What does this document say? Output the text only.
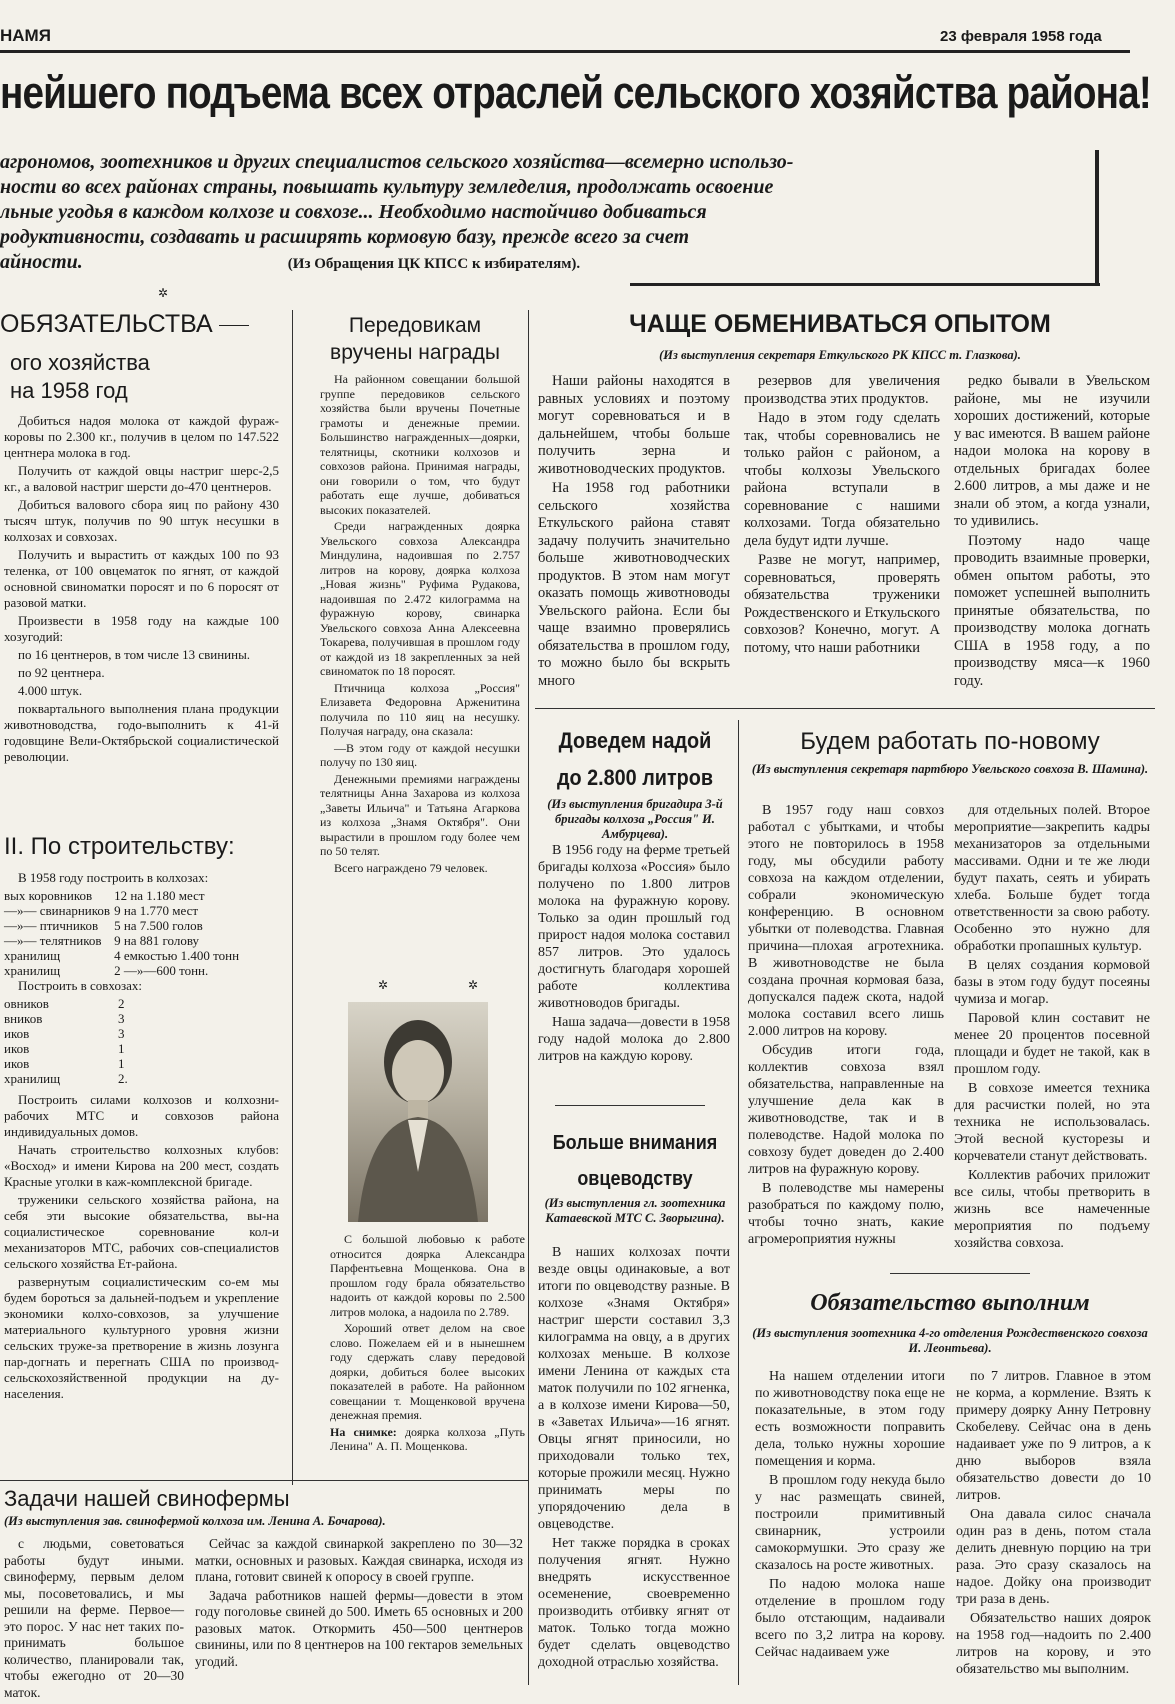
НАМЯ	23 февраля 1958 года
нейшего подъема всех отраслей сельского хозяйства района!

агрономов, зоотехников и других специалистов сельского хозяйства—всемерно использо-

ности во всех районах страны, повышать культуру земледелия, продолжать освоение

льные угодья в каждом колхозе и совхозе... Необходимо настойчиво добиваться

родуктивности, создавать и расширять кормовую базу, прежде всего за счет

айности.	(Из Обращения ЦК КПСС к избирателям).

✲
ОБЯЗАТЕЛЬСТВА
ого хозяйства
на 1958 год

Добиться надоя молока от каждой фураж-коровы по 2.300 кг., получив в целом по 147.522 центнера молока в год.

Получить от каждой овцы настриг шерс-2,5 кг., а валовой настриг шерсти до-470 центнеров.

Добиться валового сбора яиц по району 430 тысяч штук, получив по 90 штук несушки в колхозах и совхозах.

Получить и вырастить от каждых 100 по 93 теленка, от 100 овцематок по ягнят, от каждой основной свиноматки поросят и по 6 поросят от разовой матки.

Произвести в 1958 году на каждые 100 хозугодий:

по 16 центнеров, в том числе 13 свинины.

по 92 центнера.

4.000 штук.

поквартального выполнения плана продукции животноводства, годо-выполнить к 41-й годовщине Вели-Октябрьской социалистической революции.

II. По строительству:

В 1958 году построить в колхозах:

вых коровников	12 на 1.180 мест
—»— свинарников	9 на 1.770 мест
—»— птичников	5 на 7.500 голов
—»— телятников	9 на 881 голову
хранилищ	4 емкостью 1.400 тонн
хранилищ	2 —»—600 тонн.

Построить в совхозах:

овников	2
вников	3
иков	3
иков	1
иков	1
хранилищ	2.

Построить силами колхозов и колхозни-рабочих МТС и совхозов района индивидуальных домов.

Начать строительство колхозных клубов: «Восход» и имени Кирова на 200 мест, создать Красные уголки в каж-комплексной бригаде.

труженики сельского хозяйства района, на себя эти высокие обязательства, вы-на социалистическое соревнование кол-и механизаторов МТС, рабочих сов-специалистов сельского хозяйства Ет-района.

развернутым социалистическим со-ем мы будем бороться за дальней-подъем и укрепление экономики колхо-совхозов, за улучшение материального культурного уровня жизни сельских труже-за претворение в жизнь лозунга пар-догнать и перегнать США по производ-сельскохозяйственной продукции на ду-населения.

Передовикам
вручены награды

На районном совещании большой группе передовиков сельского хозяйства были вручены Почетные грамоты и денежные премии. Большинство награжденных—доярки, телятницы, скотники колхозов и совхозов района. Принимая награды, они говорили о том, что будут работать еще лучше, добиваться высоких показателей.

Среди награжденных доярка Увельского совхоза Александра Миндулина, надоившая по 2.757 литров на корову, доярка колхоза „Новая жизнь" Руфима Рудакова, надоившая по 2.472 килограмма на фуражную корову, свинарка Увельского совхоза Анна Алексеевна Токарева, получившая в прошлом году от каждой из 18 закрепленных за ней свиноматок по 18 поросят.

Птичница колхоза „Россия" Елизавета Федоровна Арженитина получила по 110 яиц на несушку. Получая награду, она сказала:

—В этом году от каждой несушки получу по 130 яиц.

Денежными премиями награждены телятницы Анна Захарова из колхоза „Заветы Ильича" и Татьяна Агаркова из колхоза „Знамя Октября". Они вырастили в прошлом году более чем по 50 телят.

Всего награждено 79 человек.

✲	✲

С большой любовью к работе относится доярка Александра Парфентьевна Мощенкова. Она в прошлом году брала обязательство надоить от каждой коровы по 2.500 литров молока, а надоила по 2.789.

Хороший ответ делом на свое слово. Пожелаем ей и в нынешнем году сдержать славу передовой доярки, добиться более высоких показателей в работе. На районном совещании т. Мощенковой вручена денежная премия.

На снимке: доярка колхоза „Путь Ленина" А. П. Мощенкова.

ЧАЩЕ ОБМЕНИВАТЬСЯ ОПЫТОМ
(Из выступления секретаря Еткульского РК КПСС т. Глазкова).

Наши районы находятся в равных условиях и поэтому могут соревноваться и в дальнейшем, чтобы больше получить зерна и животноводческих продуктов.

На 1958 год работники сельского хозяйства Еткульского района ставят задачу получить значительно больше животноводческих продуктов. В этом нам могут оказать помощь животноводы Увельского района. Если бы чаще взаимно проверялись обязательства в прошлом году, то можно было бы вскрыть много

резервов для увеличения производства этих продуктов.

Надо в этом году сделать так, чтобы соревновались не только район с районом, а чтобы колхозы Увельского района вступали в соревнование с нашими колхозами. Тогда обязательно дела будут идти лучше.

Разве не могут, например, соревноваться, проверять обязательства труженики Рождественского и Еткульского совхозов? Конечно, могут. А потому, что наши работники

редко бывали в Увельском районе, мы не изучили хороших достижений, которые у вас имеются. В вашем районе надои молока на корову в отдельных бригадах более 2.600 литров, а мы даже и не знали об этом, а когда узнали, то удивились.

Поэтому надо чаще проводить взаимные проверки, обмен опытом работы, это поможет успешней выполнить принятые обязательства, по производству молока догнать США в 1958 году, а по производству мяса—к 1960 году.

Доведем надой
до 2.800 литров
(Из выступления бригадира 3-й бригады колхоза „Россия" И. Амбурцева).

В 1956 году на ферме третьей бригады колхоза «Россия» было получено по 1.800 литров молока на фуражную корову. Только за один прошлый год прирост надоя молока составил 857 литров. Это удалось достигнуть благодаря хорошей работе коллектива животноводов бригады.

Наша задача—довести в 1958 году надой молока до 2.800 литров на каждую корову.

Больше внимания
овцеводству
(Из выступления гл. зоотехника Катаевской МТС С. Зворыгина).

В наших колхозах почти везде овцы одинаковые, а вот итоги по овцеводству разные. В колхозе «Знамя Октября» настриг шерсти составил 3,3 килограмма на овцу, а в других колхозах меньше. В колхозе имени Ленина от каждых ста маток получили по 102 ягненка, а в колхозе имени Кирова—50, в «Заветах Ильича»—16 ягнят. Овцы ягнят приносили, но приходовали только тех, которые прожили месяц. Нужно принимать меры по упорядочению дела в овцеводстве.

Нет также порядка в сроках получения ягнят. Нужно внедрять искусственное осеменение, своевременно производить отбивку ягнят от маток. Только тогда можно будет сделать овцеводство доходной отраслью хозяйства.

Будем работать по-новому
(Из выступления секретаря партбюро Увельского совхоза В. Шамина).

В 1957 году наш совхоз работал с убытками, и чтобы этого не повторилось в 1958 году, мы обсудили работу совхоза на каждом отделении, собрали экономическую конференцию. В основном убытки от полеводства. Главная причина—плохая агротехника. В животноводстве не была создана прочная кормовая база, допускался падеж скота, надой молока составил всего лишь 2.000 литров на корову.

Обсудив итоги года, коллектив совхоза взял обязательства, направленные на улучшение дела как в животноводстве, так и в полеводстве. Надой молока по совхозу будет доведен до 2.400 литров на фуражную корову.

В полеводстве мы намерены разобраться по каждому полю, чтобы точно знать, какие агромероприятия нужны

для отдельных полей. Второе мероприятие—закрепить кадры механизаторов за отдельными массивами. Одни и те же люди будут пахать, сеять и убирать хлеба. Больше будет тогда ответственности за свою работу. Особенно это нужно для обработки пропашных культур.

В целях создания кормовой базы в этом году будут посеяны чумиза и могар.

Паровой клин составит не менее 20 процентов посевной площади и будет не такой, как в прошлом году.

В совхозе имеется техника для расчистки полей, но эта техника не использовалась. Этой весной кусторезы и корчеватели станут действовать.

Коллектив рабочих приложит все силы, чтобы претворить в жизнь все намеченные мероприятия по подъему хозяйства совхоза.

Обязательство выполним
(Из выступления зоотехника 4-го отделения Рождественского совхоза И. Леонтьева).

На нашем отделении итоги по животноводству пока еще не показательные, в этом году есть возможности поправить дела, только нужны хорошие помещения и корма.

В прошлом году некуда было у нас размещать свиней, построили примитивный свинарник, устроили самокормушки. Это сразу же сказалось на росте животных.

По надою молока наше отделение в прошлом году было отстающим, надаивали всего по 3,2 литра на корову. Сейчас надаиваем уже

по 7 литров. Главное в этом не корма, а кормление. Взять к примеру доярку Анну Петровну Скобелеву. Сейчас она в день надаивает уже по 9 литров, а к дню выборов взяла обязательство довести до 10 литров.

Она давала силос сначала один раз в день, потом стала делить дневную порцию на три раза. Это сразу сказалось на надое. Дойку она производит три раза в день.

Обязательство наших доярок на 1958 год—надоить по 2.400 литров на корову, и это обязательство мы выполним.

Задачи нашей свинофермы
(Из выступления зав. свинофермой колхоза им. Ленина А. Бочарова).

с людьми, советоваться работы будут иными. свиноферму, первым делом мы, посоветовались, и мы решили на ферме. Первое—это порос. У нас нет таких по-принимать большое количество, планировали так, чтобы ежегодно от 20—30 маток.

Сейчас за каждой свинаркой закреплено по 30—32 матки, основных и разовых. Каждая свинарка, исходя из плана, готовит свиней к опоросу в своей группе.

Задача работников нашей фермы—довести в этом году поголовье свиней до 500. Иметь 65 основных и 200 разовых маток. Откормить 450—500 центнеров свинины, или по 8 центнеров на 100 гектаров земельных угодий.
